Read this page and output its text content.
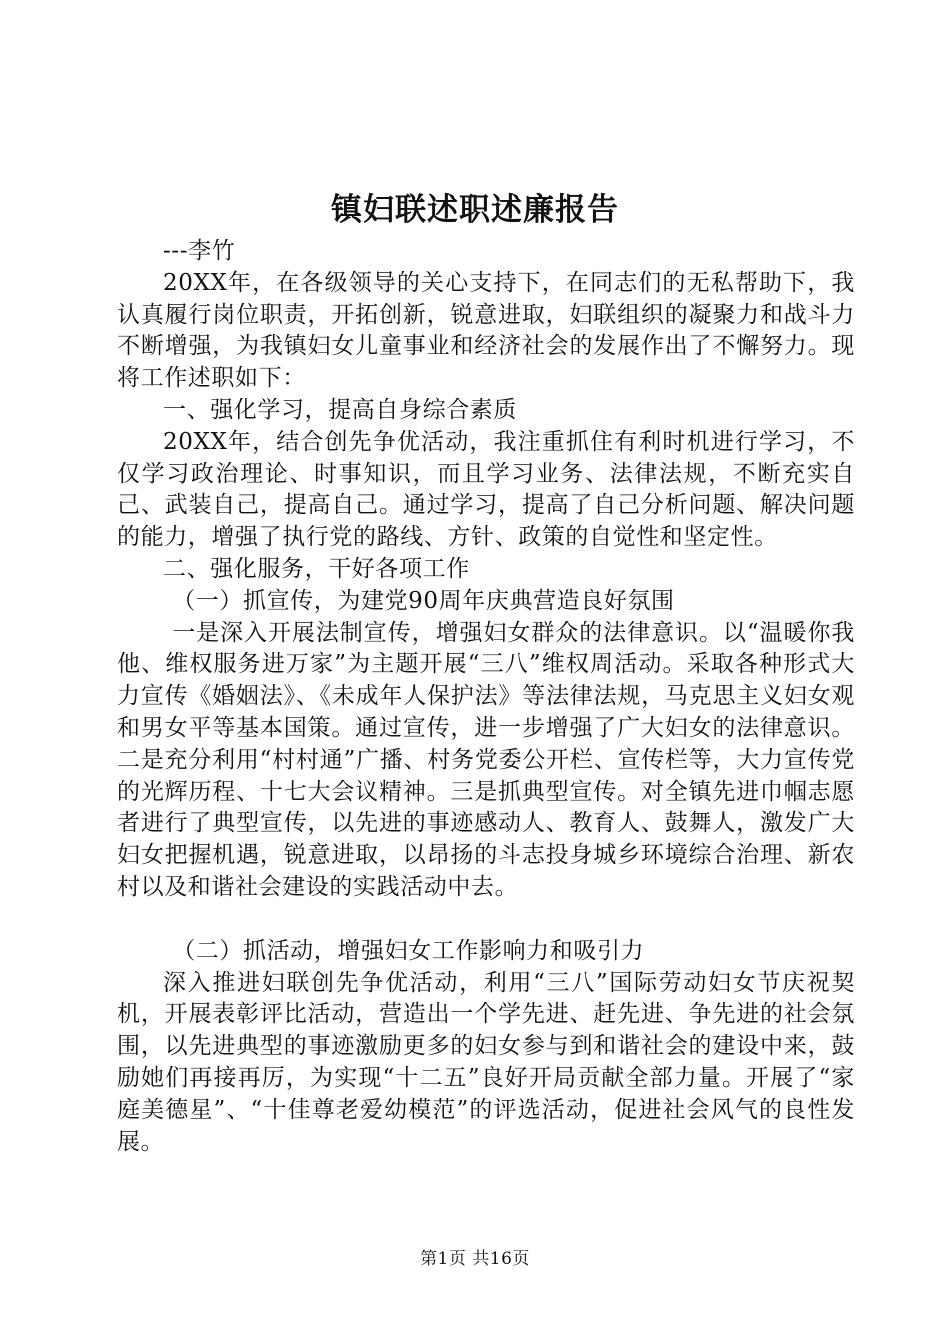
镇妇联述职述廉报告

---李竹

20XX年，在各级领导的关心支持下，在同志们的无私帮助下，我认真履行岗位职责，开拓创新，锐意进取，妇联组织的凝聚力和战斗力不断增强，为我镇妇女儿童事业和经济社会的发展作出了不懈努力。现将工作述职如下：

一、强化学习，提高自身综合素质

20XX年，结合创先争优活动，我注重抓住有利时机进行学习，不仅学习政治理论、时事知识，而且学习业务、法律法规，不断充实自己、武装自己，提高自己。通过学习，提高了自己分析问题、解决问题的能力，增强了执行党的路线、方针、政策的自觉性和坚定性。

二、强化服务，干好各项工作

（一）抓宣传，为建党90周年庆典营造良好氛围

一是深入开展法制宣传，增强妇女群众的法律意识。以“温暖你我他、维权服务进万家”为主题开展“三八”维权周活动。采取各种形式大力宣传《婚姻法》、《未成年人保护法》等法律法规，马克思主义妇女观和男女平等基本国策。通过宣传，进一步增强了广大妇女的法律意识。二是充分利用“村村通”广播、村务党委公开栏、宣传栏等，大力宣传党的光辉历程、十七大会议精神。三是抓典型宣传。对全镇先进巾帼志愿者进行了典型宣传，以先进的事迹感动人、教育人、鼓舞人，激发广大妇女把握机遇，锐意进取，以昂扬的斗志投身城乡环境综合治理、新农村以及和谐社会建设的实践活动中去。

（二）抓活动，增强妇女工作影响力和吸引力

深入推进妇联创先争优活动，利用“三八”国际劳动妇女节庆祝契机，开展表彰评比活动，营造出一个学先进、赶先进、争先进的社会氛围，以先进典型的事迹激励更多的妇女参与到和谐社会的建设中来，鼓励她们再接再厉，为实现“十二五”良好开局贡献全部力量。开展了“家庭美德星”、“十佳尊老爱幼模范”的评选活动，促进社会风气的良性发展。

第1页 共16页
